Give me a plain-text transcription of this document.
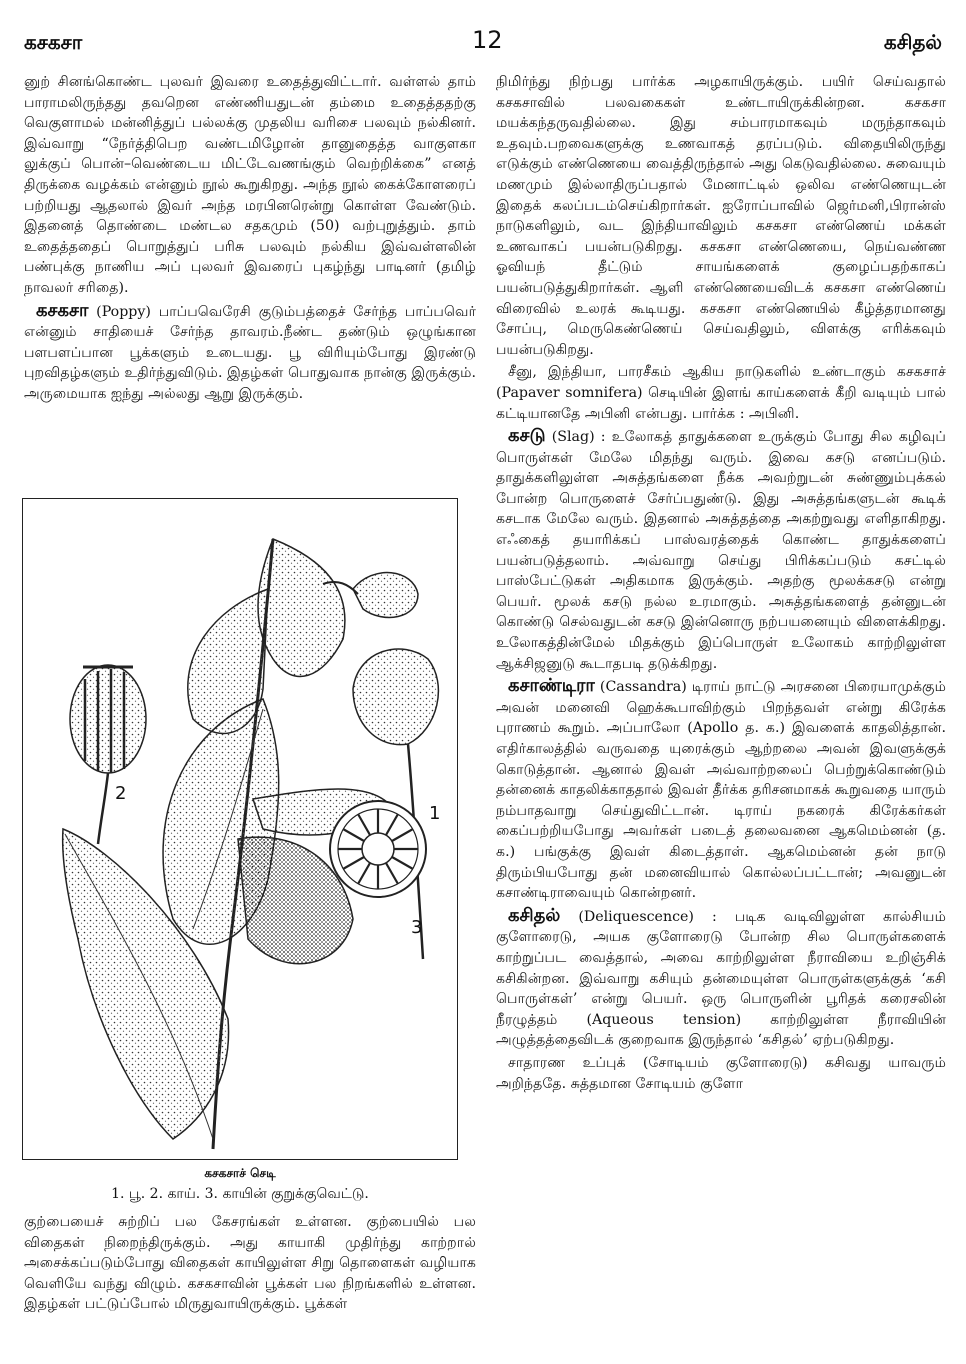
கசகசா	12	கசிதல்

னுற் சினங்கொண்ட புலவர் இவரை உதைத்துவிட்டார். வள்ளல் தாம் பாராமலிருந்தது தவறென எண்ணியதுடன் தம்மை உதைத்ததற்கு வெகுளாமல் மன்னித்துப் பல்லக்கு முதலிய வரிசை பலவும் நல்கினர். இவ்வாறு “நேர்த்திபெற வண்டமிழோன் தானுதைத்த வாகுளகா லுக்குப் பொன்–வெண்டைய மிட்டேவணங்கும் வெற்றிக்கை” எனத் திருக்கை வழக்கம் என்னும் நூல் கூறுகிறது. அந்த நூல் கைக்கோளரைப் பற்றியது ஆதலால் இவர் அந்த மரபினரென்று கொள்ள வேண்டும். இதனைத் தொண்டை மண்டல சதகமும் (50) வற்புறுத்தும். தாம் உதைத்ததைப் பொறுத்துப் பரிசு பலவும் நல்கிய இவ்வள்ளலின் பண்புக்கு நாணிய அப் புலவர் இவரைப் புகழ்ந்து பாடினர் (தமிழ் நாவலர் சரிதை).

கசகசா (Poppy) பாப்பவெரேசி குடும்பத்தைச் சேர்ந்த பாப்பவெர் என்னும் சாதியைச் சேர்ந்த தாவரம்.நீண்ட தண்டும் ஒழுங்கான பளபளப்பான பூக்களும் உடையது. பூ விரியும்போது இரண்டு புறவிதழ்களும் உதிர்ந்துவிடும். இதழ்கள் பொதுவாக நான்கு இருக்கும். அருமையாக ஐந்து அல்லது ஆறு இருக்கும்.

1
2
3
கசகசாச் செடி
1. பூ. 2. காய். 3. காயின் குறுக்குவெட்டு.

குற்பையைச் சுற்றிப் பல கேசரங்கள் உள்ளன. குற்பையில் பல விதைகள் நிறைந்திருக்கும். அது காயாகி முதிர்ந்து காற்றால் அசைக்கப்படும்போது விதைகள் காயிலுள்ள சிறு தொளைகள் வழியாக வெளியே வந்து விழும். கசகசாவின் பூக்கள் பல நிறங்களில் உள்ளன. இதழ்கள் பட்டுப்போல் மிருதுவாயிருக்கும். பூக்கள்

நிமிர்ந்து நிற்பது பார்க்க அழகாயிருக்கும். பயிர் செய்வதால் கசகசாவில் பலவகைகள் உண்டாயிருக்கின்றன. கசகசா மயக்கந்தருவதில்லை. இது சம்பாரமாகவும் மருந்தாகவும் உதவும்.பறவைகளுக்கு உணவாகத் தரப்படும். விதையிலிருந்து எடுக்கும் எண்ணெயை வைத்திருந்தால் அது கெடுவதில்லை. சுவையும் மணமும் இல்லாதிருப்பதால் மேனாட்டில் ஒலிவ எண்ணெயுடன் இதைக் கலப்படம்செய்கிறார்கள். ஐரோப்பாவில் ஜெர்மனி,பிரான்ஸ் நாடுகளிலும், வட இந்தியாவிலும் கசகசா எண்ணெய் மக்கள் உணவாகப் பயன்படுகிறது. கசகசா எண்ணெயை, நெய்வண்ண ஓவியந் தீட்டும் சாயங்களைக் குழைப்பதற்காகப் பயன்படுத்துகிறார்கள். ஆளி எண்ணெயைவிடக் கசகசா எண்ணெய் விரைவில் உலரக் கூடியது. கசகசா எண்ணெயில் கீழ்த்தரமானது சோப்பு, மெருகெண்ணெய் செய்வதிலும், விளக்கு எரிக்கவும் பயன்படுகிறது.

சீனு, இந்தியா, பாரசீகம் ஆகிய நாடுகளில் உண்டாகும் கசகசாச் (Papaver somnifera) செடியின் இளங் காய்களைக் கீறி வடியும் பால் கட்டியானதே அபினி என்பது. பார்க்க : அபினி.

கசடு (Slag) : உலோகத் தாதுக்களை உருக்கும் போது சில கழிவுப் பொருள்கள் மேலே மிதந்து வரும். இவை கசடு எனப்படும். தாதுக்களிலுள்ள அசுத்தங்களை நீக்க அவற்றுடன் சுண்ணும்புக்கல் போன்ற பொருளைச் சேர்ப்பதுண்டு. இது அசுத்தங்களுடன் கூடிக் கசடாக மேலே வரும். இதனால் அசுத்தத்தை அகற்றுவது எளிதாகிறது. எஃகைத் தயாரிக்கப் பாஸ்வரத்தைக் கொண்ட தாதுக்களைப் பயன்படுத்தலாம். அவ்வாறு செய்து பிரிக்கப்படும் கசட்டில் பாஸ்பேட்டுகள் அதிகமாக இருக்கும். அதற்கு மூலக்கசடு என்று பெயர். மூலக் கசடு நல்ல உரமாகும். அசுத்தங்களைத் தன்னுடன் கொண்டு செல்வதுடன் கசடு இன்னொரு நற்பயனையும் விளைக்கிறது. உலோகத்தின்மேல் மிதக்கும் இப்பொருள் உலோகம் காற்றிலுள்ள ஆக்சிஜனுடு கூடாதபடி தடுக்கிறது.

கசாண்டிரா (Cassandra) டிராய் நாட்டு அரசனை பிரையாமுக்கும் அவன் மனைவி ஹெக்கூபாவிற்கும் பிறந்தவள் என்று கிரேக்க புராணம் கூறும். அப்பாலோ (Apollo த. க.) இவளைக் காதலித்தான். எதிர்காலத்தில் வருவதை யுரைக்கும் ஆற்றலை அவன் இவளுக்குக் கொடுத்தான். ஆனால் இவள் அவ்வாற்றலைப் பெற்றுக்கொண்டும் தன்னைக் காதலிக்காததால் இவள் தீர்க்க தரிசனமாகக் கூறுவதை யாரும் நம்பாதவாறு செய்துவிட்டான். டிராய் நகரைக் கிரேக்கர்கள் கைப்பற்றியபோது அவர்கள் படைத் தலைவனை ஆகமெம்னன் (த. க.) பங்குக்கு இவள் கிடைத்தாள். ஆகமெம்னன் தன் நாடு திரும்பியபோது தன் மனைவியால் கொல்லப்பட்டான்; அவனுடன் கசாண்டிராவையும் கொன்றனர்.

கசிதல் (Deliquescence) : படிக வடிவிலுள்ள கால்சியம் குளோரைடு, அயக குளோரைடு போன்ற சில பொருள்களைக் காற்றுப்பட வைத்தால், அவை காற்றிலுள்ள நீராவியை உறிஞ்சிக் கசிகின்றன. இவ்வாறு கசியும் தன்மையுள்ள பொருள்களுக்குக் ‘கசி பொருள்கள்’ என்று பெயர். ஒரு பொருளின் பூரிதக் கரைசலின் நீரழுத்தம் (Aqueous tension) காற்றிலுள்ள நீராவியின் அழுத்தத்தைவிடக் குறைவாக இருந்தால் ‘கசிதல்’ ஏற்படுகிறது.

சாதாரண உப்புக் (சோடியம் குளோரைடு) கசிவது யாவரும் அறிந்ததே. சுத்தமான சோடியம் குளோ
